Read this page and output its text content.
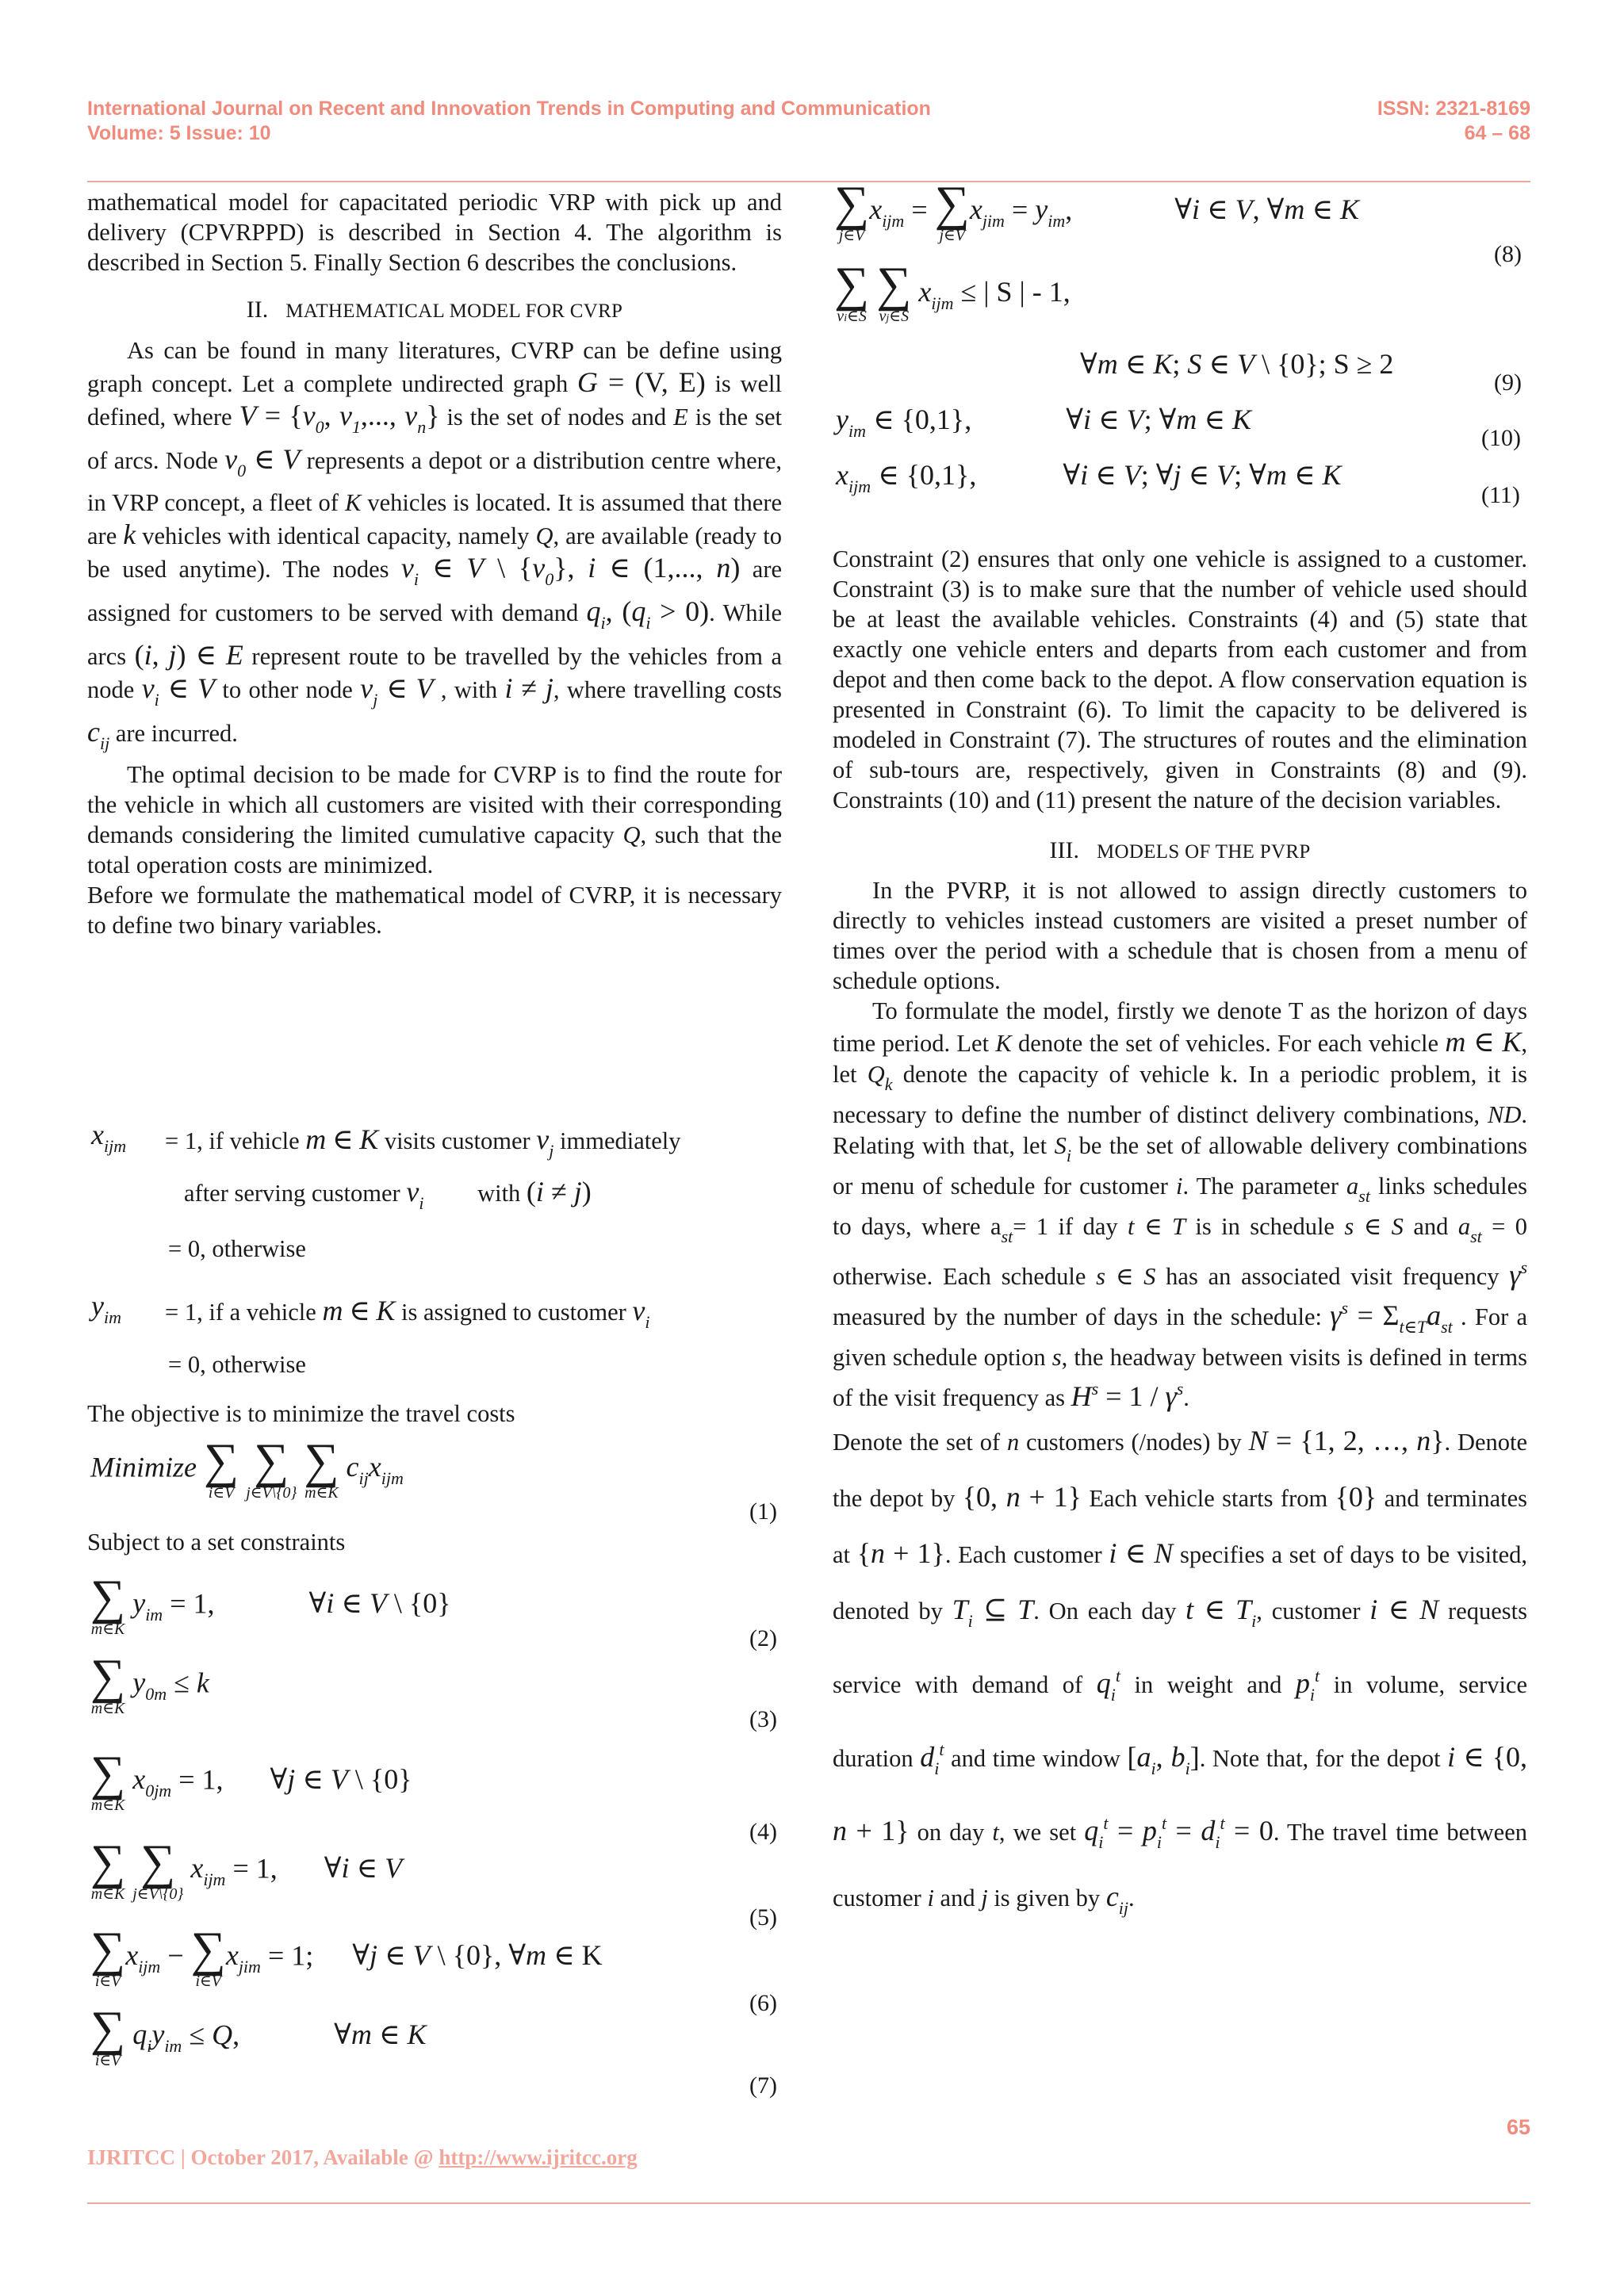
International Journal on Recent and Innovation Trends in Computing and Communication
Volume: 5 Issue: 10
ISSN: 2321-8169
64 – 68

mathematical model for capacitated periodic VRP with pick up and delivery (CPVRPPD) is described in Section 4. The algorithm is described in Section 5. Finally Section 6 describes the conclusions.

II. MATHEMATICAL MODEL FOR CVRP

As can be found in many literatures, CVRP can be define using graph concept. Let a complete undirected graph G = (V, E) is well defined, where $V = \{v_0$, $v_1$,..., $v_n$} is the set of nodes and E is the set of arcs. Node $v_0$ ∈ V represents a depot or a distribution centre where, in VRP concept, a fleet of K vehicles is located. It is assumed that there are k vehicles with identical capacity, namely Q, are available (ready to be used anytime). The nodes $v_i$ ∈ V \ $\{v_0\}$, i ∈ (1,..., n) are assigned for customers to be served with demand $q_i$, $(q_i > 0)$. While arcs (i, j) ∈ E represent route to be travelled by the vehicles from a node $v_i$ ∈ V to other node $v_j$ ∈ V , with i ≠ j, where travelling costs $c_{ij}$ are incurred.

The optimal decision to be made for CVRP is to find the route for the vehicle in which all customers are visited with their corresponding demands considering the limited cumulative capacity Q, such that the total operation costs are minimized.

Before we formulate the mathematical model of CVRP, it is necessary to define two binary variables.

$x_{ijm} = 1$, if vehicle m ∈ K visits customer $v_j$ immediately
after serving customer $v_i$ with (i ≠ j)
= 0, otherwise
$y_{im} = 1$, if a vehicle m ∈ K is assigned to customer $v_i$
= 0, otherwise
The objective is to minimize the travel costs
Minimize ∑
i∈V

∑
j∈V\{0}

∑
m∈K
$c_{ij}x_{ijm}$
(1)
Subject to a set constraints
∑
m∈K
$y_{im} = 1$,	∀i ∈ V \ {0}
(2)
∑
m∈K
$y_{0m} \le k$
(3)
∑
m∈K
$x_{0jm} = 1$, ∀j ∈ V \ {0}
(4)
∑
m∈K

∑
j∈V\{0}
$x_{ijm} = 1$, ∀i ∈ V
(5)
∑
i∈V
$x_{ijm}$ − ∑
i∈V
$x_{jim} = 1$; ∀j ∈ V \ {0}, ∀m ∈ K
(6)
∑
i∈V
$q_iy_{im} \le Q$,	∀m ∈ K
(7)
∑
j∈V
$x_{ijm}$ = ∑
j∈V
$x_{jim} = y_{im}$,	∀i ∈ V, ∀m ∈ K
(8)
∑
vi∈S

∑
vj∈S
$x_{ijm}$ ≤ | S | - 1,
∀m ∈ K; S ∈ V \ {0}; S ≥ 2
(9)
$y_{im}$ ∈ {0,1},	∀i ∈ V; ∀m ∈ K
(10)
$x_{ijm}$ ∈ {0,1},	∀i ∈ V; ∀j ∈ V; ∀m ∈ K
(11)

Constraint (2) ensures that only one vehicle is assigned to a customer. Constraint (3) is to make sure that the number of vehicle used should be at least the available vehicles. Constraints (4) and (5) state that exactly one vehicle enters and departs from each customer and from depot and then come back to the depot. A flow conservation equation is presented in Constraint (6). To limit the capacity to be delivered is modeled in Constraint (7). The structures of routes and the elimination of sub-tours are, respectively, given in Constraints (8) and (9). Constraints (10) and (11) present the nature of the decision variables.

III. MODELS OF THE PVRP

In the PVRP, it is not allowed to assign directly customers to directly to vehicles instead customers are visited a preset number of times over the period with a schedule that is chosen from a menu of schedule options.

To formulate the model, firstly we denote T as the horizon of days time period. Let K denote the set of vehicles. For each vehicle m ∈ K, let $Q_k$ denote the capacity of vehicle k. In a periodic problem, it is necessary to define the number of distinct delivery combinations, ND. Relating with that, let $S_i$ be the set of allowable delivery combinations or menu of schedule for customer i. The parameter $a_{st}$ links schedules to days, where $a_{st}= 1$ if day t ∈ T is in schedule s ∈ S and $a_{st} = 0$ otherwise. Each schedule s ∈ S has an associated visit frequency $\gamma^s$ measured by the number of days in the schedule: $\gamma^s = \Sigma_{t\in T}a_{st}$ . For a given schedule option s, the headway between visits is defined in terms of the visit frequency as $H^s = 1 / \gamma^s$.

Denote the set of n customers (/nodes) by N = {1, 2, …, n}. Denote the depot by {0, n + 1} Each vehicle starts from {0} and terminates at {n + 1}. Each customer i ∈ N specifies a set of days to be visited, denoted by $T_i$ ⊆ T. On each day t ∈ $T_i$, customer i ∈ N requests service with demand of $q_i^t$ in weight and $p_i^t$ in volume, service duration $d_i^t$ and time window [$a_i$, $b_i$]. Note that, for the depot i ∈ {0, n + 1} on day t, we set $q_i^t = p_i^t = d_i^t = 0$. The travel time between customer i and j is given by $c_{ij}$.

65
IJRITCC | October 2017, Available @ http://www.ijritcc.org
